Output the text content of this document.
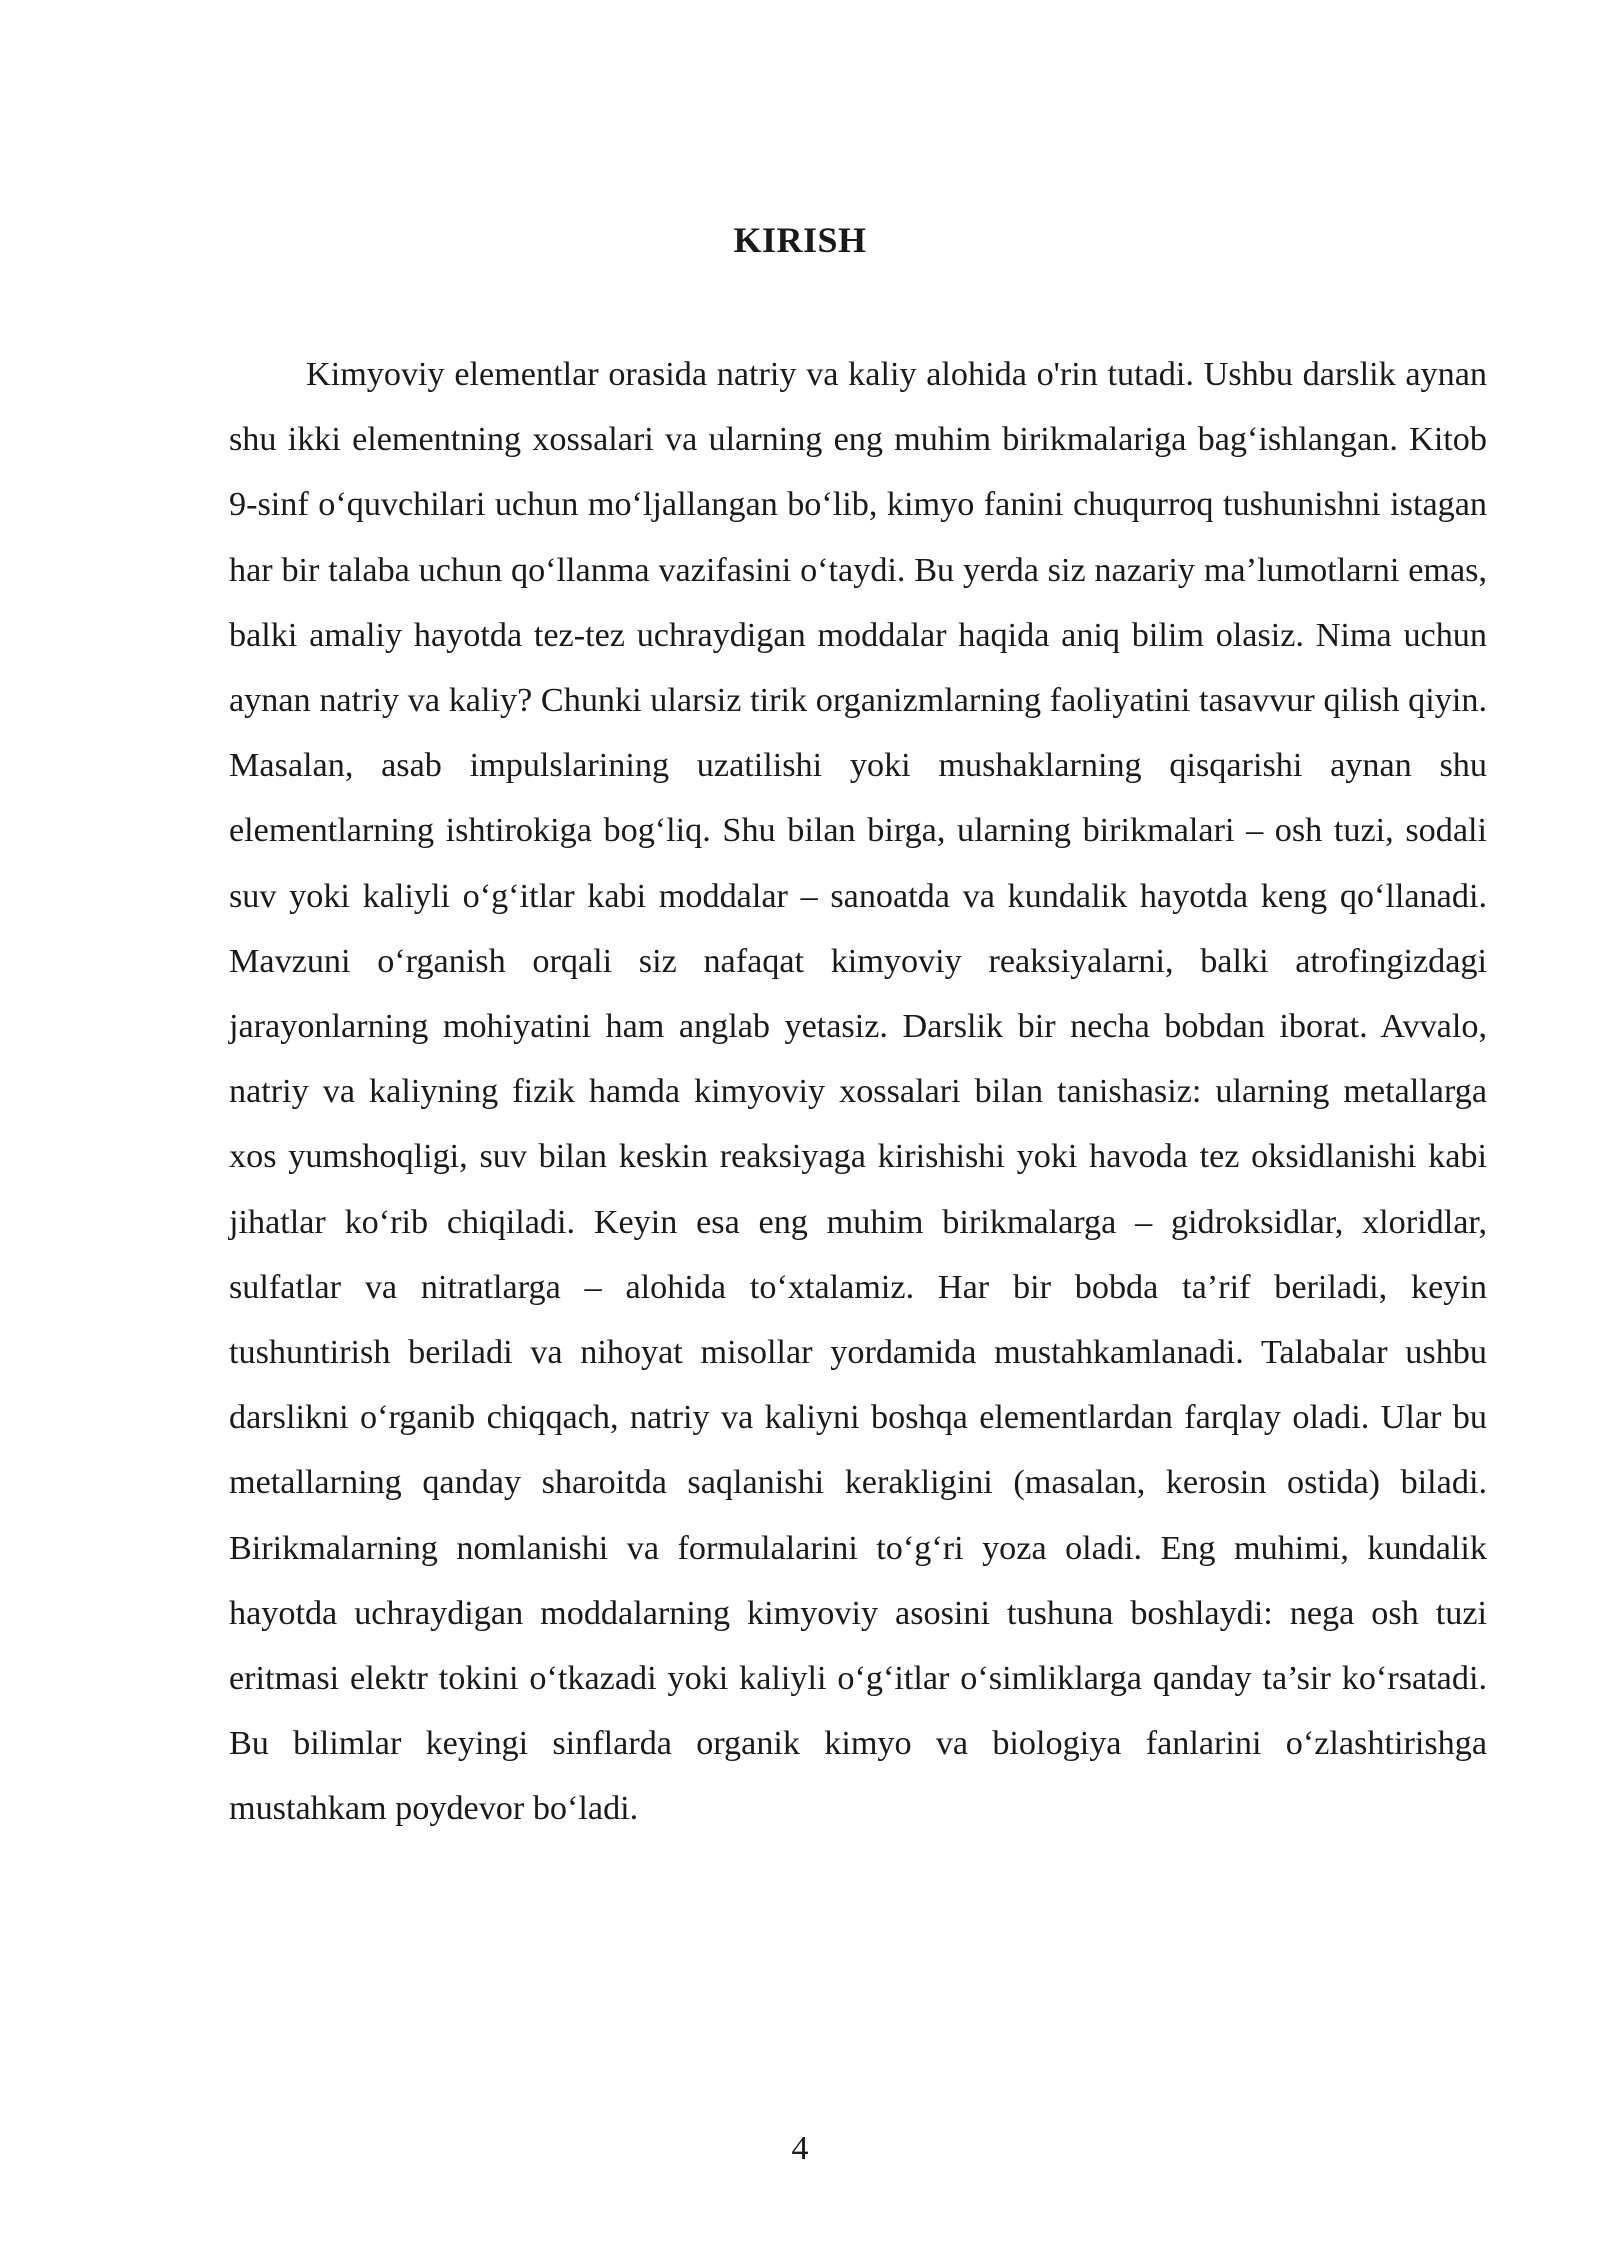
KIRISH

Kimyoviy elementlar orasida natriy va kaliy alohida o'rin tutadi. Ushbu darslik aynan shu ikki elementning xossalari va ularning eng muhim birikmalariga bag‘ishlangan. Kitob 9-sinf o‘quvchilari uchun mo‘ljallangan bo‘lib, kimyo fanini chuqurroq tushunishni istagan har bir talaba uchun qo‘llanma vazifasini o‘taydi. Bu yerda siz nazariy ma’lumotlarni emas, balki amaliy hayotda tez-tez uchraydigan moddalar haqida aniq bilim olasiz. Nima uchun aynan natriy va kaliy? Chunki ularsiz tirik organizmlarning faoliyatini tasavvur qilish qiyin. Masalan, asab impulslarining uzatilishi yoki mushaklarning qisqarishi aynan shu elementlarning ishtirokiga bog‘liq. Shu bilan birga, ularning birikmalari – osh tuzi, sodali suv yoki kaliyli o‘g‘itlar kabi moddalar – sanoatda va kundalik hayotda keng qo‘llanadi. Mavzuni o‘rganish orqali siz nafaqat kimyoviy reaksiyalarni, balki atrofingizdagi jarayonlarning mohiyatini ham anglab yetasiz. Darslik bir necha bobdan iborat. Avvalo, natriy va kaliyning fizik hamda kimyoviy xossalari bilan tanishasiz: ularning metallarga xos yumshoqligi, suv bilan keskin reaksiyaga kirishishi yoki havoda tez oksidlanishi kabi jihatlar ko‘rib chiqiladi. Keyin esa eng muhim birikmalarga – gidroksidlar, xloridlar, sulfatlar va nitratlarga – alohida to‘xtalamiz. Har bir bobda ta’rif beriladi, keyin tushuntirish beriladi va nihoyat misollar yordamida mustahkamlanadi. Talabalar ushbu darslikni o‘rganib chiqqach, natriy va kaliyni boshqa elementlardan farqlay oladi. Ular bu metallarning qanday sharoitda saqlanishi kerakligini (masalan, kerosin ostida) biladi. Birikmalarning nomlanishi va formulalarini to‘g‘ri yoza oladi. Eng muhimi, kundalik hayotda uchraydigan moddalarning kimyoviy asosini tushuna boshlaydi: nega osh tuzi eritmasi elektr tokini o‘tkazadi yoki kaliyli o‘g‘itlar o‘simliklarga qanday ta’sir ko‘rsatadi. Bu bilimlar keyingi sinflarda organik kimyo va biologiya fanlarini o‘zlashtirishga mustahkam poydevor bo‘ladi.

4
